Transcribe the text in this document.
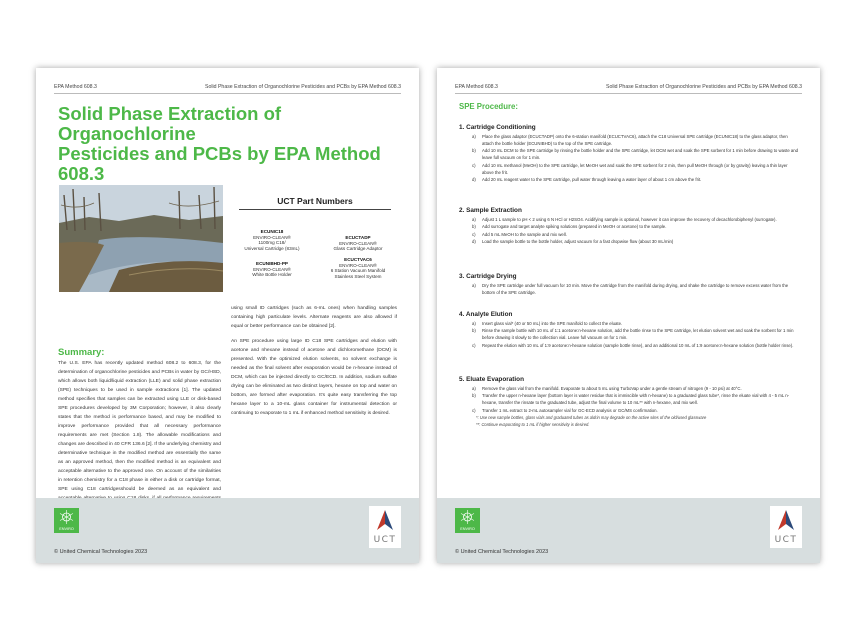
EPA Method 608.3	Solid Phase Extraction of Organochlorine Pesticides and PCBs by EPA Method 608.3
Solid Phase Extraction of Organochlorine
Pesticides and PCBs by EPA Method 608.3
UCT Part Numbers
ECUNIC18
ENVIRO-CLEAN®
1100mg C18/
Universal Cartridge (83mL)
ECUCTADP
ENVIRO-CLEAN®
Glass Cartridge Adaptor
ECUNIBHD-PP
ENVIRO-CLEAN®
White Bottle Holder
ECUCTVAC6
ENVIRO-CLEAN®
6 Station Vacuum Manifold
Stainless Steel System
Summary:

The U.S. EPA has recently updated method 608.2 to 608.3, for the determination of organochlorine pesticides and PCBs in water by GC/HSD, which allows both liquid/liquid extraction (LLE) and solid phase extraction (SPE) techniques to be used in sample extractions [1]. The updated method specifies that samples can be extracted using LLE or disk-based SPE procedures developed by 3M Corporation; however, it also clearly states that the method is performance based, and may be modified to improve performance provided that all necessary performance requirements are met (Section 1.8). The allowable modifications and changes are described in 40 CFR 136.6 [2]. If the underlying chemistry and determinative technique in the modified method are essentially the same as an approved method, then the modified method is an equivalent and acceptable alternative to the approved one. On account of the similarities in retention chemistry for a C18 phase in either a disk or cartridge format, SPE using C18 cartridgesshould be deemed as an equivalent and

using small ID cartridges (such as 6-mL ones) when handling samples containing high particulate levels. Alternate reagents are also allowed if equal or better performance can be obtained [2].

An SPE procedure using large ID C18 SPE cartridges and elution with acetone and nhexane instead of acetone and dichloromethane (DCM) is presented. With the optimized elution solvents, no solvent exchange is needed as the final solvent after evaporation would be n-hexane instead of DCM, which can be injected directly to GC/ECD. In addition, sodium sulfate drying can be eliminated as two distinct layers, hexane on top and water on bottom, are formed after evaporation. It's quite easy transferring the top hexane layer to a 10-mL glass container for instrumental detection or continuing to evaporate to 1 mL if enhanced method sensitivity is desired.

ENVIRO
UCT
© United Chemical Technologies 2023
EPA Method 608.3	Solid Phase Extraction of Organochlorine Pesticides and PCBs by EPA Method 608.3
SPE Procedure:
1. Cartridge Conditioning
a) Place the glass adaptor (ECUCTADP) onto the 6-station manifold (ECUCTVAC6), attach the C18 Universal SPE cartridge (ECUNIC18) to the glass adaptor, then attach the bottle holder (ECUNIBHD) to the top of the SPE cartridge.
b) Add 10 mL DCM to the SPE cartridge by rinsing the bottle holder and the SPE cartridge, let DCM wet and soak the SPE sorbent for 1 min before drawing to waste and leave full vacuum on for 1 min.
c) Add 10 mL methanol (MeOH) to the SPE cartridge, let MeOH wet and soak the SPE sorbent for 2 min, then pull MeOH through (or by gravity) leaving a thin layer above the frit.
d) Add 20 mL reagent water to the SPE cartridge, pull water through leaving a water layer of about 1 cm above the frit.
2. Sample Extraction
a) Adjust 1 L sample to pH < 2 using 6 N HCl or H2SO4. Acidifying sample is optional, however it can improve the recovery of decachlorobiphenyl (surrogate).
b) Add surrogate and target analyte spiking solutions (prepared in MeOH or acetone) to the sample.
c) Add 5 mL MeOH to the sample and mix well.
d) Load the sample bottle to the bottle holder, adjust vacuum for a fast dropwise flow (about 30 mL/min)
3. Cartridge Drying
a) Dry the SPE cartridge under full vacuum for 10 min. Move the cartridge from the manifold during drying, and shake the cartridge to remove excess water from the bottom of the SPE cartridge.
4. Analyte Elution
a) Insert glass vial* (40 or 50 mL) into the SPE manifold to collect the eluate.
b) Rinse the sample bottle with 10 mL of 1:1 acetone:n-hexane solution, add the bottle rinse to the SPE cartridge, let elution solvent wet and soak the sorbent for 1 min before drawing it slowly to the collection vial. Leave full vacuum on for 1 min.
c) Repeat the elution with 10 mL of 1:9 acetone:n-hexane solution (sample bottle rinse), and an additional 10 mL of 1:9 acetone:n-hexane solution (bottle holder rinse).
5. Eluate Evaporation
a) Remove the glass vial from the manifold. Evaporate to about 5 mL using TurboVap under a gentle stream of nitrogen (9 - 10 psi) at 40°C.
b) Transfer the upper n-hexane layer (bottom layer is water residue that is immiscible with n-hexane) to a graduated glass tube*, rinse the eluate vial with 4 - 5 mL n-hexane, transfer the rinsate to the graduated tube, adjust the final volume to 10 mL** with n-hexane, and mix well.
c) Transfer 1 mL extract to 2-mL autosampler vial for GC-ECD analysis or GC/MS confirmation.
*: Use new sample bottles, glass vials and graduated tubes as aldrin may degrade on the active sites of the old/used glassware
**: Continue evaporating to 1 mL if higher sensitivity is desired.
ENVIRO
UCT
© United Chemical Technologies 2023
